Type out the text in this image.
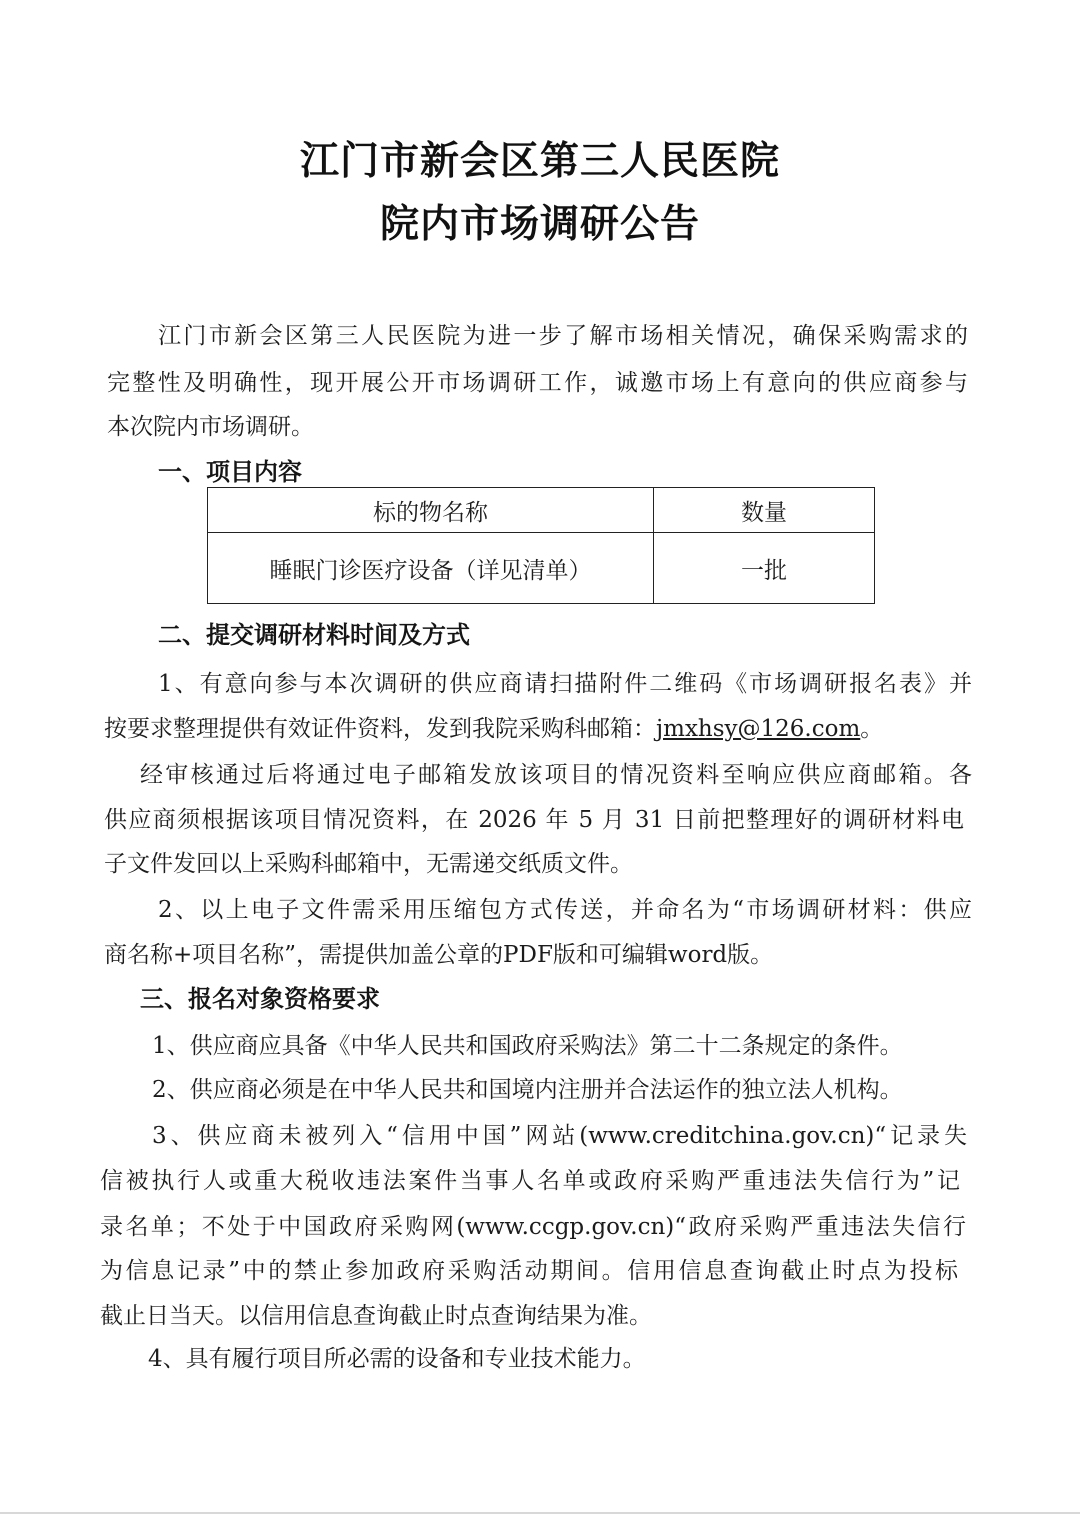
江门市新会区第三人民医院
院内市场调研公告
江门市新会区第三人民医院为进一步了解市场相关情况，确保采购需求的
完整性及明确性，现开展公开市场调研工作，诚邀市场上有意向的供应商参与
本次院内市场调研。
一、项目内容
标的物名称	数量
睡眠门诊医疗设备（详见清单）	一批
二、提交调研材料时间及方式
1、有意向参与本次调研的供应商请扫描附件二维码《市场调研报名表》并
按要求整理提供有效证件资料，发到我院采购科邮箱：jmxhsy@126.com。
经审核通过后将通过电子邮箱发放该项目的情况资料至响应供应商邮箱。各
供应商须根据该项目情况资料，在 2026 年 5 月 31 日前把整理好的调研材料电
子文件发回以上采购科邮箱中，无需递交纸质文件。
2、以上电子文件需采用压缩包方式传送，并命名为“市场调研材料：供应
商名称+项目名称”，需提供加盖公章的PDF版和可编辑word版。
三、报名对象资格要求
1、供应商应具备《中华人民共和国政府采购法》第二十二条规定的条件。
2、供应商必须是在中华人民共和国境内注册并合法运作的独立法人机构。
3、供应商未被列入“信用中国”网站(www.creditchina.gov.cn)“记录失
信被执行人或重大税收违法案件当事人名单或政府采购严重违法失信行为”记
录名单；不处于中国政府采购网(www.ccgp.gov.cn)“政府采购严重违法失信行
为信息记录”中的禁止参加政府采购活动期间。信用信息查询截止时点为投标
截止日当天。以信用信息查询截止时点查询结果为准。
4、具有履行项目所必需的设备和专业技术能力。
